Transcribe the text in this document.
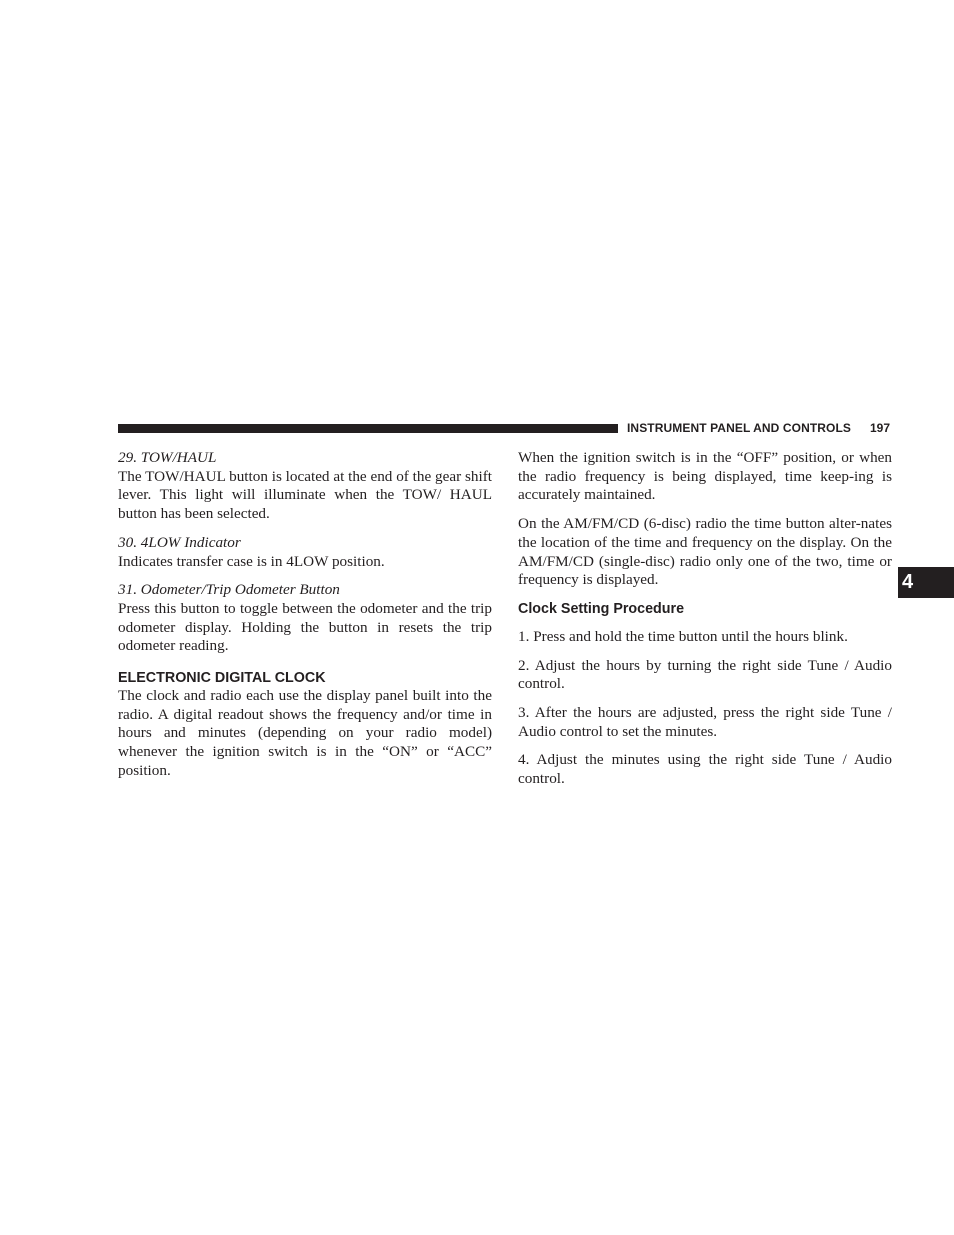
INSTRUMENT PANEL AND CONTROLS 197
4

29. TOW/HAUL

The TOW/HAUL button is located at the end of the gear shift lever. This light will illuminate when the TOW/ HAUL button has been selected.

30. 4LOW Indicator

Indicates transfer case is in 4LOW position.

31. Odometer/Trip Odometer Button

Press this button to toggle between the odometer and the trip odometer display. Holding the button in resets the trip odometer reading.

ELECTRONIC DIGITAL CLOCK

The clock and radio each use the display panel built into the radio. A digital readout shows the frequency and/or time in hours and minutes (depending on your radio model) whenever the ignition switch is in the “ON” or “ACC” position.

When the ignition switch is in the “OFF” position, or when the radio frequency is being displayed, time keep-ing is accurately maintained.

On the AM/FM/CD (6-disc) radio the time button alter-nates the location of the time and frequency on the display. On the AM/FM/CD (single-disc) radio only one of the two, time or frequency is displayed.

Clock Setting Procedure

1. Press and hold the time button until the hours blink.

2. Adjust the hours by turning the right side Tune / Audio control.

3. After the hours are adjusted, press the right side Tune / Audio control to set the minutes.

4. Adjust the minutes using the right side Tune / Audio control.
